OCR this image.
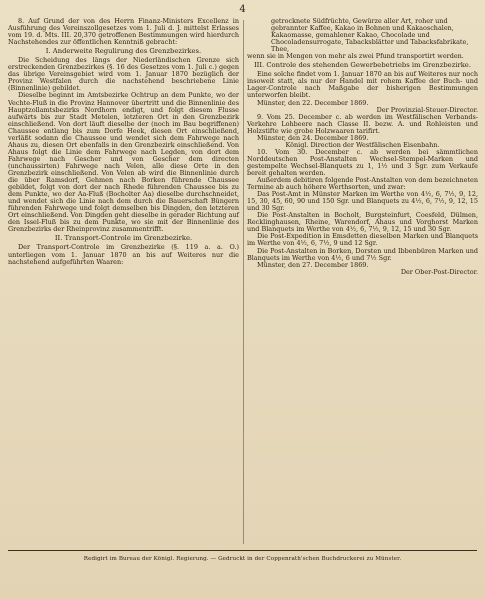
4

8. Auf Grund der von des Herrn Finanz-Ministers Excellenz in Ausführung des Vereinszollgesetzes vom 1. Juli d. J. mittelst Erlasses vom 19. d. Mts. III. 20,370 getroffenen Bestimmungen wird hierdurch Nachstehendes zur öffentlichen Kenntniß gebracht:

I. Anderweite Regulirung des Grenzbezirkes.

Die Scheidung des längs der Niederländischen Grenze sich erstreckenden Grenzbezirkes (§. 16 des Gesetzes vom 1. Juli c.) gegen das übrige Vereinsgebiet wird vom 1. Januar 1870 bezüglich der Provinz Westfalen durch die nachstehend beschriebene Linie (Binnenlinie) gebildet.

Dieselbe beginnt im Amtsbezirke Ochtrup an dem Punkte, wo der Vechte-Fluß in die Provinz Hannover übertritt und die Binnenlinie des Hauptzollamtsbezirks Nordhorn endigt, und folgt diesem Flusse aufwärts bis zur Stadt Metelen, letzteren Ort in den Grenzbezirk einschließend. Von dort läuft dieselbe der (noch im Bau begriffenen) Chaussee entlang bis zum Dorfe Heek, diesen Ort einschließend, verläßt sodann die Chaussee und wendet sich dem Fahrwege nach Ahaus zu, diesen Ort ebenfalls in den Grenzbezirk einschließend. Von Ahaus folgt die Linie dem Fahrwege nach Legden, von dort dem Fahrwege nach Gescher und von Gescher dem directen (unchaussirten) Fahrwege nach Velen, alle diese Orte in den Grenzbezirk einschließend. Von Velen ab wird die Binnenlinie durch die über Ramsdorf, Gehmen nach Borken führende Chaussee gebildet, folgt von dort der nach Rhede führenden Chaussee bis zu dem Punkte, wo der Aa-Fluß (Bocholter Aa) dieselbe durchschneidet, und wendet sich die Linie nach dem durch die Bauerschaft Büngern führenden Fahrwege und folgt demselben bis Dingden, den letzteren Ort einschließend. Von Dingden geht dieselbe in gerader Richtung auf den Issel-Fluß bis zu dem Punkte, wo sie mit der Binnenlinie des Grenzbezirks der Rheinprovinz zusammentrifft.

II. Transport-Controle im Grenzbezirke.

Der Transport-Controle im Grenzbezirke (§. 119 a. a. O.) unterliegen vom 1. Januar 1870 an bis auf Weiteres nur die nachstehend aufgeführten Waaren:

getrocknete Südfrüchte, Gewürze aller Art, roher und gebrannter Kaffee, Kakao in Bohnen und Kakaoschalen, Kakaomasse, gemahlener Kakao, Chocolade und Chocoladensurrogate, Tabacksblätter und Tabacksfabrikate, Thee,

wenn sie in Mengen von mehr als zwei Pfund transportirt werden.

III. Controle des stehenden Gewerbebetriebs im Grenzbezirke.

Eine solche findet vom 1. Januar 1870 an bis auf Weiteres nur noch insoweit statt, als nur der Handel mit rohem Kaffee der Buch- und Lager-Controle nach Maßgabe der bisherigen Bestimmungen unterworfen bleibt.

Münster, den 22. December 1869.

Der Provinzial-Steuer-Director.

9. Vom 25. December c. ab werden im Westfälischen Verbands-Verkehre Lohbeere nach Classe II. bezw. A. und Rohleisten und Holzstifte wie grobe Holzwaaren tarifirt.

Münster, den 24. December 1869.

Königl. Direction der Westfälischen Eisenbahn.

10. Vom 30. December c. ab werden bei sämmtlichen Norddeutschen Post-Anstalten Wechsel-Stempel-Marken und gestempelte Wechsel-Blanquets zu 1, 1½ und 3 Sgr. zum Verkaufe bereit gehalten werden.

Außerdem debitiren folgende Post-Anstalten von dem bezeichneten Termine ab auch höhere Werthsorten, und zwar:

Das Post-Amt in Münster Marken im Werthe von 4½, 6, 7½, 9, 12, 15, 30, 45, 60, 90 und 150 Sgr. und Blanquets zu 4½, 6, 7½, 9, 12, 15 und 30 Sgr.

Die Post-Anstalten in Bocholt, Burgsteinfurt, Coesfeld, Dülmen, Recklinghausen, Rheine, Warendorf, Ahaus und Vorghorst Marken und Blanquets im Werthe von 4½, 6, 7½, 9, 12, 15 und 30 Sgr.

Die Post-Expedition in Emsdetten dieselben Marken und Blanquets im Werthe von 4½, 6, 7½, 9 und 12 Sgr.

Die Post-Anstalten in Borken, Dorsten und Ibbenbüren Marken und Blanquets im Werthe von 4½, 6 und 7½ Sgr.

Münster, den 27. December 1869.

Der Ober-Post-Director.

Redigirt im Bureau der Königl. Regierung. — Gedruckt in der Coppenrath'schen Buchdruckerei zu Münster.
